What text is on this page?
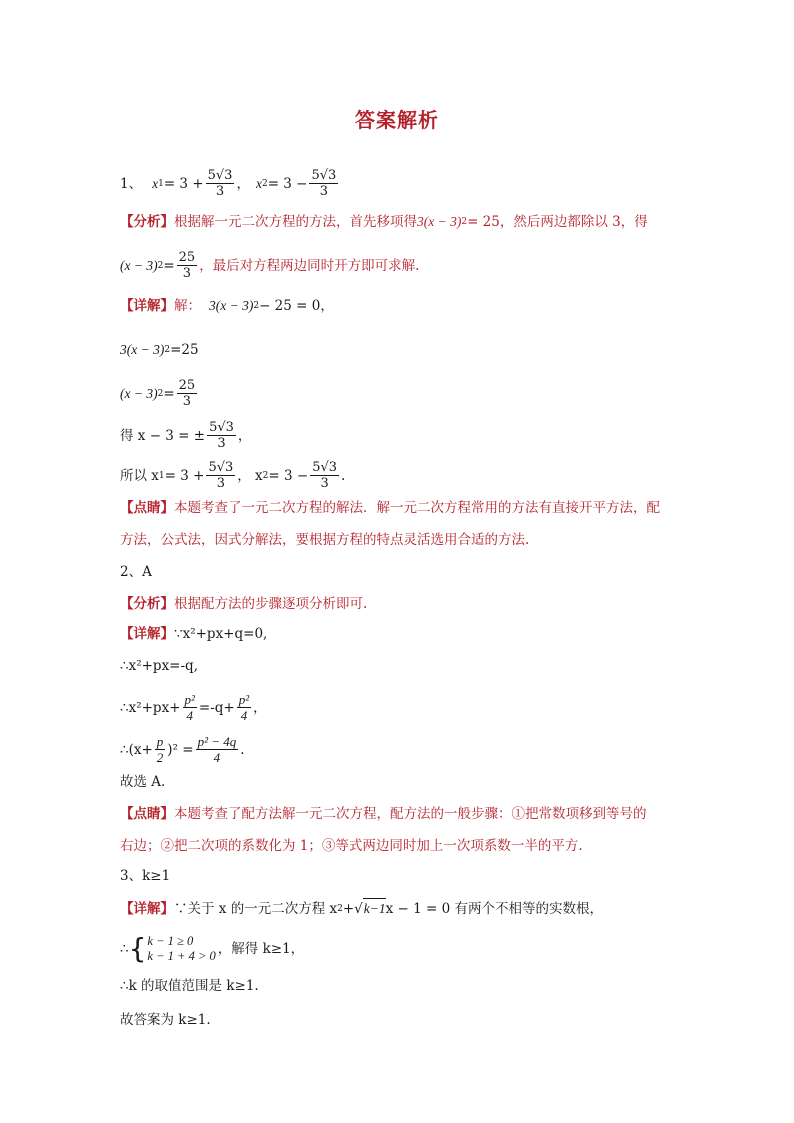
答案解析
1、 x $1 = 3 + \frac{5√3}{3}$ ， x $2 = 3 - \frac{5√3}{3}$
【分析】 根据解一元二次方程的方法，首先移项得 3(x − 3) 2 = 25 ，然后两边都除以 3，得
(x − 3) $2 = \frac{25}{3}$ ，最后对方程两边同时开方即可求解.
【详解】 解： 3(x − 3) 2 − 25 = 0，
3(x − 3) 2 =25
(x − 3) $2 = \frac{25}{3}$
得 x − 3 = ± $\frac{5√3}{3}$ ，
所以 x $1 = 3 + \frac{5√3}{3}$ ， x $2 = 3 - \frac{5√3}{3}$ .
【点睛】 本题考查了一元二次方程的解法．解一元二次方程常用的方法有直接开平方法，配
方法，公式法，因式分解法，要根据方程的特点灵活选用合适的方法.
2、A
【分析】 根据配方法的步骤逐项分析即可.
【详解】 ∵x²+px+q=0,
∴x²+px=-q,
∴x²+px+ $\frac{\text{p²}}{4} =-q+ \frac{\text{p²}}{4}$ ，
∴(x+ $\frac{p}{2} )^2 = \frac{\text{p² − 4q}}{4}$ .
故选 A.
【点睛】 本题考查了配方法解一元二次方程，配方法的一般步骤：①把常数项移到等号的
右边；②把二次项的系数化为 1；③等式两边同时加上一次项系数一半的平方.
3、k≥1
【详解】 ∵关于 x 的一元二次方程 x 2 + √ k−1 x − 1 = 0 有两个不相等的实数根，
∴ { k − 1 ≥ 0
k − 1 + 4 > 0 ，解得 k≥1，
∴k 的取值范围是 k≥1.
故答案为 k≥1.
